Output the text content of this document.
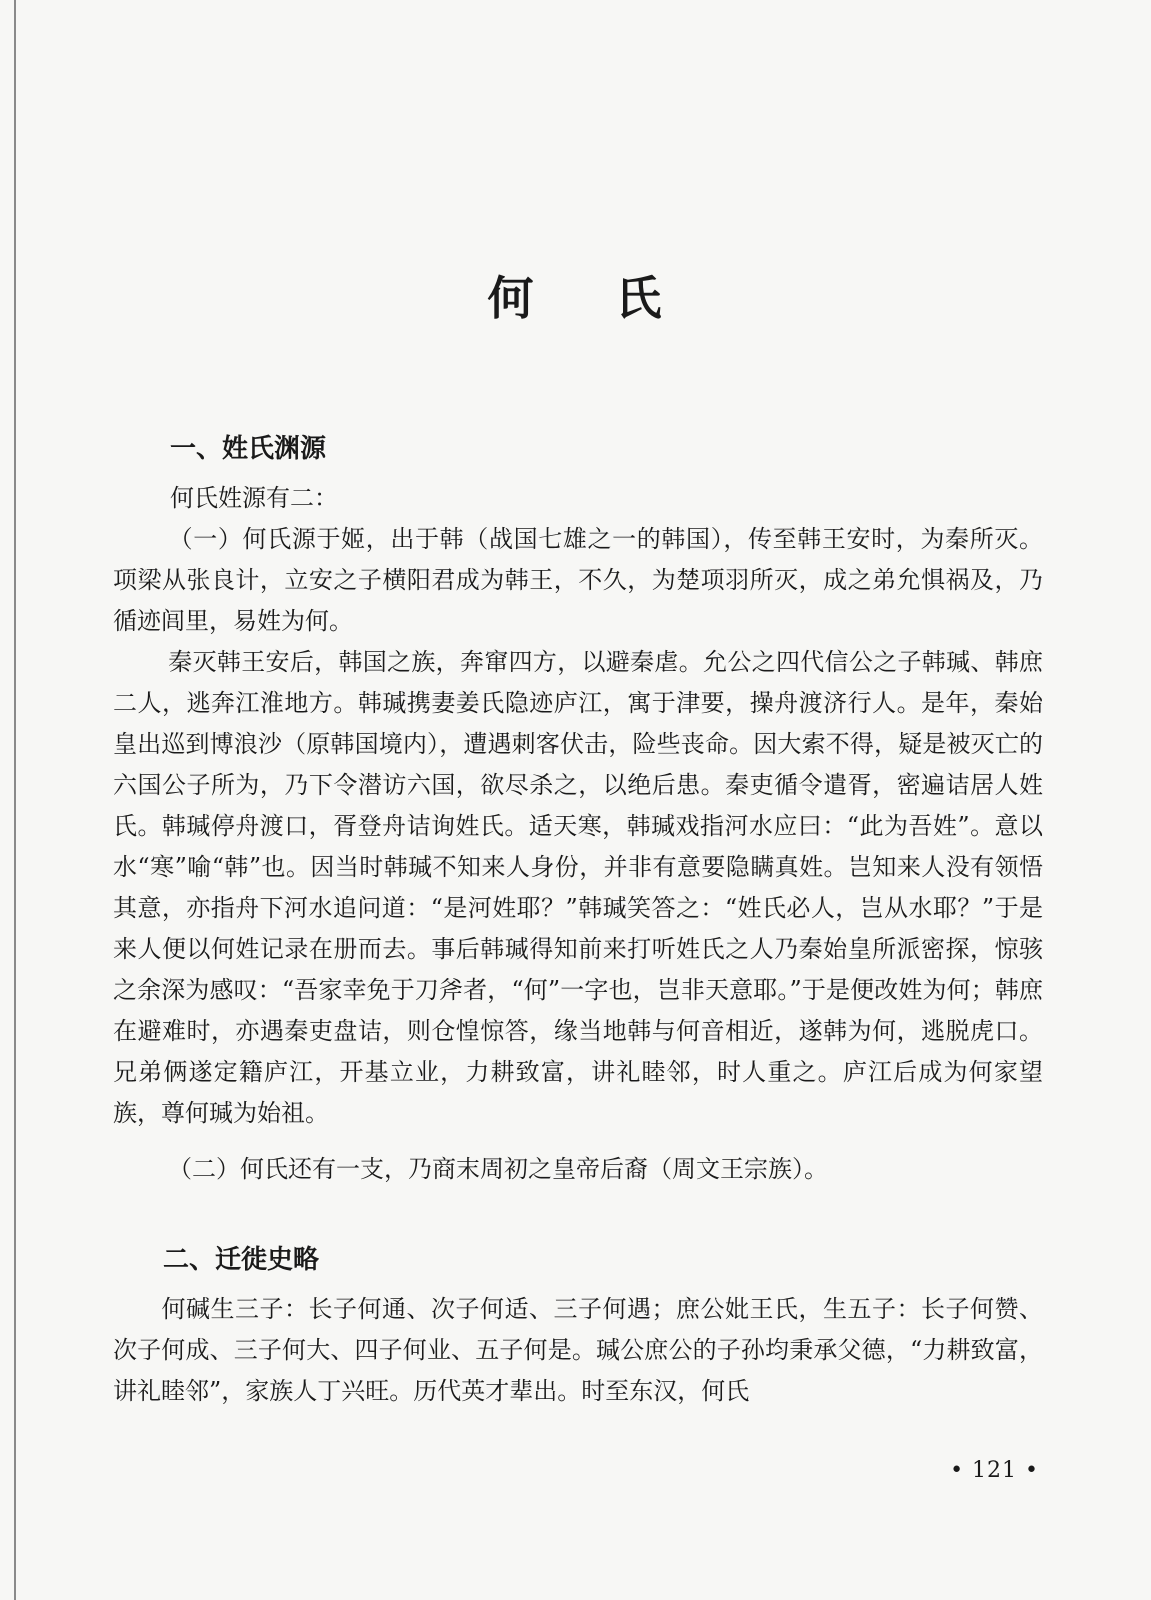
何 氏
一、姓氏渊源
何氏姓源有二：
（一）何氏源于姬，出于韩（战国七雄之一的韩国），传至韩王安时，为秦所灭。项梁从张良计，立安之子横阳君成为韩王，不久，为楚项羽所灭，成之弟允惧祸及，乃循迹闾里，易姓为何。
秦灭韩王安后，韩国之族，奔窜四方，以避秦虐。允公之四代信公之子韩瑊、韩庶二人，逃奔江淮地方。韩瑊携妻姜氏隐迹庐江，寓于津要，操舟渡济行人。是年，秦始皇出巡到博浪沙（原韩国境内），遭遇刺客伏击，险些丧命。因大索不得，疑是被灭亡的六国公子所为，乃下令潜访六国，欲尽杀之，以绝后患。秦吏循令遣胥，密遍诘居人姓氏。韩瑊停舟渡口，胥登舟诘询姓氏。适天寒，韩瑊戏指河水应曰：“此为吾姓”。意以水“寒”喻“韩”也。因当时韩瑊不知来人身份，并非有意要隐瞒真姓。岂知来人没有领悟其意，亦指舟下河水追问道：“是河姓耶？”韩瑊笑答之：“姓氏必人，岂从水耶？”于是来人便以何姓记录在册而去。事后韩瑊得知前来打听姓氏之人乃秦始皇所派密探，惊骇之余深为感叹：“吾家幸免于刀斧者，“何”一字也，岂非天意耶。”于是便改姓为何；韩庶在避难时，亦遇秦吏盘诘，则仓惶惊答，缘当地韩与何音相近，遂韩为何，逃脱虎口。兄弟俩遂定籍庐江，开基立业，力耕致富，讲礼睦邻，时人重之。庐江后成为何家望族，尊何瑊为始祖。
（二）何氏还有一支，乃商末周初之皇帝后裔（周文王宗族）。
二、迁徙史略
何碱生三子：长子何通、次子何适、三子何遇；庶公妣王氏，生五子：长子何赞、次子何成、三子何大、四子何业、五子何是。瑊公庶公的子孙均秉承父德，“力耕致富，讲礼睦邻”，家族人丁兴旺。历代英才辈出。时至东汉，何氏
• 121 •
